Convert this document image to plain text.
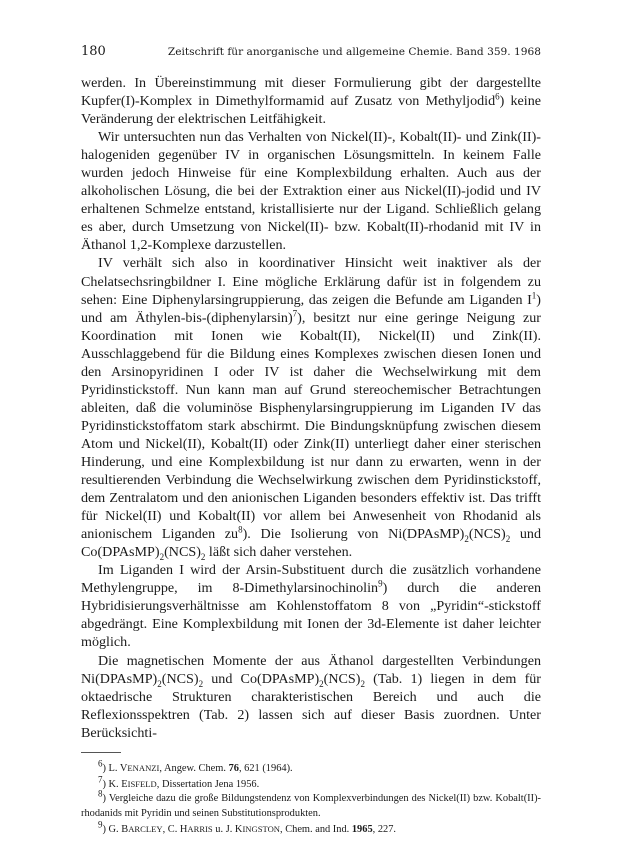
180	Zeitschrift für anorganische und allgemeine Chemie. Band 359. 1968

werden. In Übereinstimmung mit dieser Formulierung gibt der dargestellte Kupfer(I)-Komplex in Dimethylformamid auf Zusatz von Methyljodid$^6$) keine Veränderung der elektrischen Leitfähigkeit.

Wir untersuchten nun das Verhalten von Nickel(II)-, Kobalt(II)- und Zink(II)-halogeniden gegenüber IV in organischen Lösungsmitteln. In keinem Falle wurden jedoch Hinweise für eine Komplexbildung erhalten. Auch aus der alkoholischen Lösung, die bei der Extraktion einer aus Nickel(II)-jodid und IV erhaltenen Schmelze entstand, kristallisierte nur der Ligand. Schließlich gelang es aber, durch Umsetzung von Nickel(II)- bzw. Kobalt(II)-rhodanid mit IV in Äthanol 1,2-Komplexe darzustellen.

IV verhält sich also in koordinativer Hinsicht weit inaktiver als der Chelatsechsringbildner I. Eine mögliche Erklärung dafür ist in folgendem zu sehen: Eine Diphenylarsingruppierung, das zeigen die Befunde am Liganden $I^1$) und am Äthylen-bis-(diphenylarsin)$^7$), besitzt nur eine geringe Neigung zur Koordination mit Ionen wie Kobalt(II), Nickel(II) und Zink(II). Ausschlaggebend für die Bildung eines Komplexes zwischen diesen Ionen und den Arsinopyridinen I oder IV ist daher die Wechselwirkung mit dem Pyridinstickstoff. Nun kann man auf Grund stereochemischer Betrachtungen ableiten, daß die voluminöse Bisphenylarsingruppierung im Liganden IV das Pyridinstickstoffatom stark abschirmt. Die Bindungsknüpfung zwischen diesem Atom und Nickel(II), Kobalt(II) oder Zink(II) unterliegt daher einer sterischen Hinderung, und eine Komplexbildung ist nur dann zu erwarten, wenn in der resultierenden Verbindung die Wechselwirkung zwischen dem Pyridinstickstoff, dem Zentralatom und den anionischen Liganden besonders effektiv ist. Das trifft für Nickel(II) und Kobalt(II) vor allem bei Anwesenheit von Rhodanid als anionischem Liganden $zu^8$). Die Isolierung von $Ni(DPAsMP)_2(NCS)_2$ und $Co(DPAsMP)_2(NCS)_2$ läßt sich daher verstehen.

Im Liganden I wird der Arsin-Substituent durch die zusätzlich vorhandene Methylengruppe, im 8-Dimethylarsinochinolin$^9$) durch die anderen Hybridisierungsverhältnisse am Kohlenstoffatom 8 von „Pyridin“-stickstoff abgedrängt. Eine Komplexbildung mit Ionen der 3d-Elemente ist daher leichter möglich.

Die magnetischen Momente der aus Äthanol dargestellten Verbindungen $Ni(DPAsMP)_2(NCS)_2$ und $Co(DPAsMP)_2(NCS)_2$ (Tab. 1) liegen in dem für oktaedrische Strukturen charakteristischen Bereich und auch die Reflexionsspektren (Tab. 2) lassen sich auf dieser Basis zuordnen. Unter Berücksichti-

$^6$) L. VENANZI, Angew. Chem. 76, 621 (1964).
$^7$) K. EISFELD, Dissertation Jena 1956.
$^8$) Vergleiche dazu die große Bildungstendenz von Komplexverbindungen des Nickel(II) bzw. Kobalt(II)-rhodanids mit Pyridin und seinen Substitutionsprodukten.
$^9$) G. BARCLEY, C. HARRIS u. J. KINGSTON, Chem. and Ind. 1965, 227.
